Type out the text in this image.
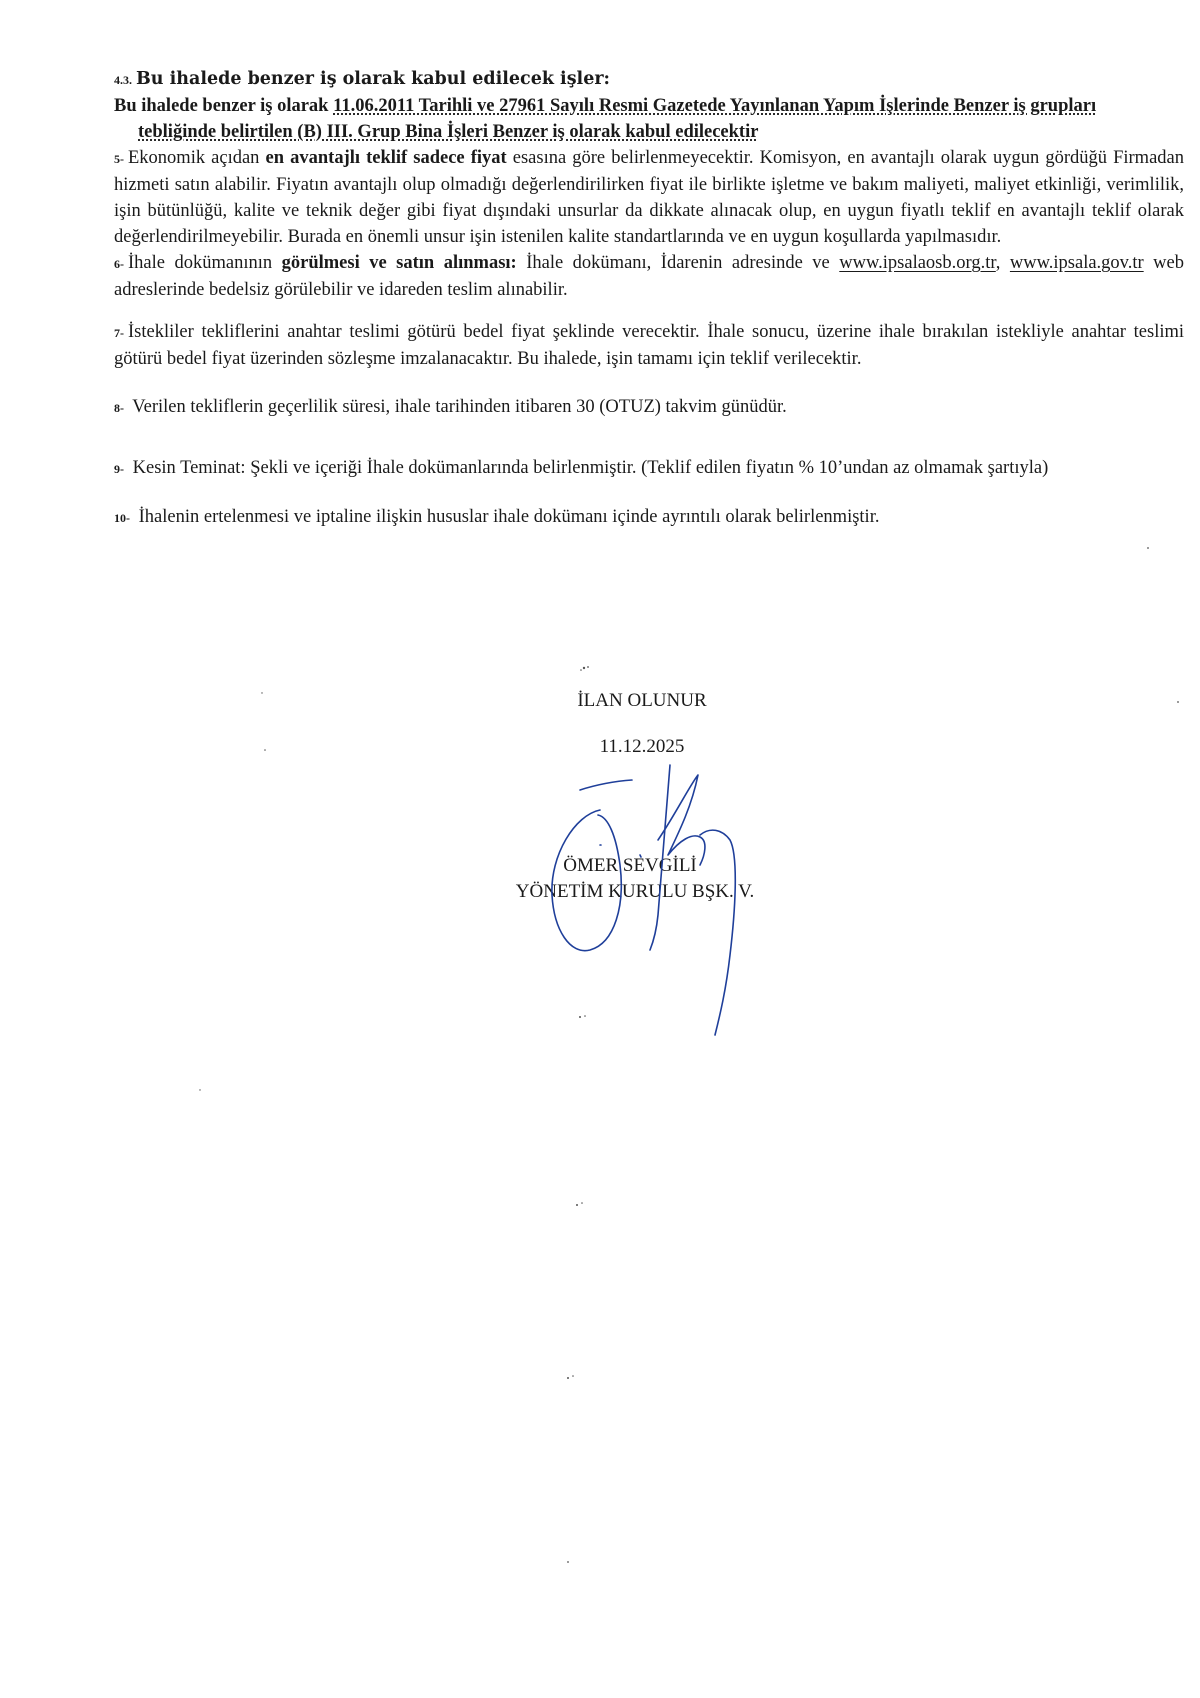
4.3. Bu ihalede benzer iş olarak kabul edilecek işler:
Bu ihalede benzer iş olarak 11.06.2011 Tarihli ve 27961 Sayılı Resmi Gazetede Yayınlanan Yapım İşlerinde Benzer iş grupları
tebliğinde belirtilen (B) III. Grup Bina İşleri Benzer iş olarak kabul edilecektir
5- Ekonomik açıdan en avantajlı teklif sadece fiyat esasına göre belirlenmeyecektir. Komisyon, en avantajlı olarak uygun gördüğü Firmadan hizmeti satın alabilir. Fiyatın avantajlı olup olmadığı değerlendirilirken fiyat ile birlikte işletme ve bakım maliyeti, maliyet etkinliği, verimlilik, işin bütünlüğü, kalite ve teknik değer gibi fiyat dışındaki unsurlar da dikkate alınacak olup, en uygun fiyatlı teklif en avantajlı teklif olarak değerlendirilmeyebilir. Burada en önemli unsur işin istenilen kalite standartlarında ve en uygun koşullarda yapılmasıdır.
6- İhale dokümanının görülmesi ve satın alınması: İhale dokümanı, İdarenin adresinde ve www.ipsalaosb.org.tr, www.ipsala.gov.tr web adreslerinde bedelsiz görülebilir ve idareden teslim alınabilir.
7- İstekliler tekliflerini anahtar teslimi götürü bedel fiyat şeklinde verecektir. İhale sonucu, üzerine ihale bırakılan istekliyle anahtar teslimi götürü bedel fiyat üzerinden sözleşme imzalanacaktır. Bu ihalede, işin tamamı için teklif verilecektir.
8- Verilen tekliflerin geçerlilik süresi, ihale tarihinden itibaren 30 (OTUZ) takvim günüdür.
9- Kesin Teminat: Şekli ve içeriği İhale dokümanlarında belirlenmiştir. (Teklif edilen fiyatın % 10’undan az olmamak şartıyla)
10- İhalenin ertelenmesi ve iptaline ilişkin hususlar ihale dokümanı içinde ayrıntılı olarak belirlenmiştir.
İLAN OLUNUR
11.12.2025
ÖMER SEVGİLİ
YÖNETİM KURULU BŞK. V.
